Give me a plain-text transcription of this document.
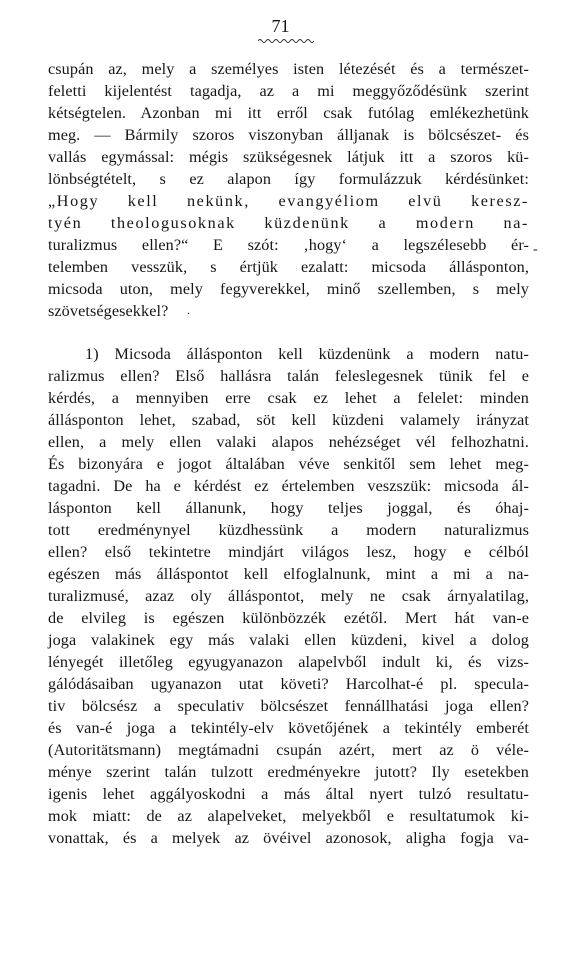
71
csupán az, mely a személyes isten létezését és a természet-
feletti kijelentést tagadja, az a mi meggyőződésünk szerint
kétségtelen. Azonban mi itt erről csak futólag emlékezhetünk
meg. — Bármily szoros viszonyban álljanak is bölcsészet- és
vallás egymással: mégis szükségesnek látjuk itt a szoros kü-
lönbségtételt, s ez alapon így formulázzuk kérdésünket:
„Hogy kell nekünk, evangyéliom elvü keresz-
tyén theologusoknak küzdenünk a modern na-
turalizmus ellen?“ E szót: ‚hogy‘ a legszélesebb ér-
telemben vesszük, s értjük ezalatt: micsoda állásponton,
micsoda uton, mely fegyverekkel, minő szellemben, s mely
szövetségesekkel?
-
.
1) Micsoda állásponton kell küzdenünk a modern natu-
ralizmus ellen? Első hallásra talán feleslegesnek tünik fel e
kérdés, a mennyiben erre csak ez lehet a felelet: minden
állásponton lehet, szabad, söt kell küzdeni valamely irányzat
ellen, a mely ellen valaki alapos nehézséget vél felhozhatni.
És bizonyára e jogot általában véve senkitől sem lehet meg-
tagadni. De ha e kérdést ez értelemben veszszük: micsoda ál-
lásponton kell állanunk, hogy teljes joggal, és óhaj-
tott eredménynyel küzdhessünk a modern naturalizmus
ellen? első tekintetre mindjárt világos lesz, hogy e célból
egészen más álláspontot kell elfoglalnunk, mint a mi a na-
turalizmusé, azaz oly álláspontot, mely ne csak árnyalatilag,
de elvileg is egészen különbözzék ezétől. Mert hát van-e
joga valakinek egy más valaki ellen küzdeni, kivel a dolog
lényegét illetőleg egyugyanazon alapelvből indult ki, és vizs-
gálódásaiban ugyanazon utat követi? Harcolhat-é pl. specula-
tiv bölcsész a speculativ bölcsészet fennállhatási joga ellen?
és van-é joga a tekintély-elv követőjének a tekintély emberét
(Autoritätsmann) megtámadni csupán azért, mert az ö véle-
ménye szerint talán tulzott eredményekre jutott? Ily esetekben
igenis lehet aggályoskodni a más által nyert tulzó resultatu-
mok miatt: de az alapelveket, melyekből e resultatumok ki-
vonattak, és a melyek az övéivel azonosok, aligha fogja va-
